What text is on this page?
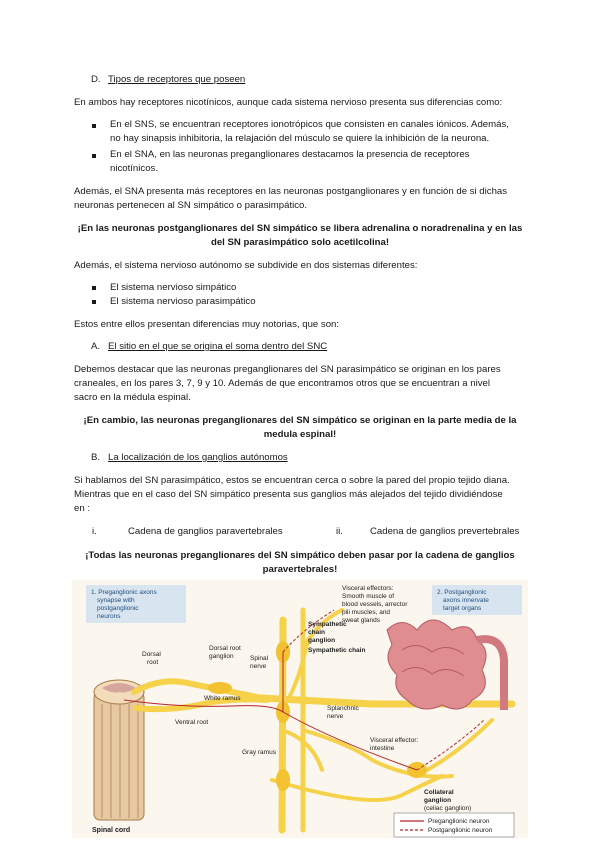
D. Tipos de receptores que poseen
En ambos hay receptores nicotínicos, aunque cada sistema nervioso presenta sus diferencias como:
En el SNS, se encuentran receptores ionotrópicos que consisten en canales iónicos. Además,
no hay sinapsis inhibitoria, la relajación del músculo se quiere la inhibición de la neurona.
En el SNA, en las neuronas preganglionares destacamos la presencia de receptores
nicotínicos.
Además, el SNA presenta más receptores en las neuronas postganglionares y en función de si dichas
neuronas pertenecen al SN simpático o parasimpático.
¡En las neuronas postganglionares del SN simpático se libera adrenalina o noradrenalina y en las
del SN parasimpático solo acetilcolina!
Además, el sistema nervioso autónomo se subdivide en dos sistemas diferentes:
El sistema nervioso simpático
El sistema nervioso parasimpático
Estos entre ellos presentan diferencias muy notorias, que son:
A. El sitio en el que se origina el soma dentro del SNC
Debemos destacar que las neuronas preganglionares del SN parasimpático se originan en los pares
craneales, en los pares 3, 7, 9 y 10. Además de que encontramos otros que se encuentran a nivel
sacro en la médula espinal.
¡En cambio, las neuronas preganglionares del SN simpático se originan en la parte media de la
medula espinal!
B. La localización de los ganglios autónomos
Si hablamos del SN parasimpático, estos se encuentran cerca o sobre la pared del propio tejido diana.
Mientras que en el caso del SN simpático presenta sus ganglios más alejados del tejido dividiéndose
en :
i.	Cadena de ganglios paravertebrales	ii.	Cadena de ganglios prevertebrales
¡Todas las neuronas preganglionares del SN simpático deben pasar por la cadena de ganglios
paravertebrales!
1. Preganglionic axons
synapse with
postganglionic
neurons
2. Postganglionic
axons innervate
target organs
Dorsal
root
Dorsal root
ganglion	Spinal
nerve
Sympathetic
chain
ganglion
Sympathetic chain
Visceral effectors:
Smooth muscle of
blood vessels, arrector
pili muscles, and
sweat glands
White ramus
Ventral root
Gray ramus
Splanchnic
nerve
Visceral effector:
intestine
Collateral
ganglion
(celiac ganglion)
Spinal cord
Preganglionic neuron
Postganglionic neuron
